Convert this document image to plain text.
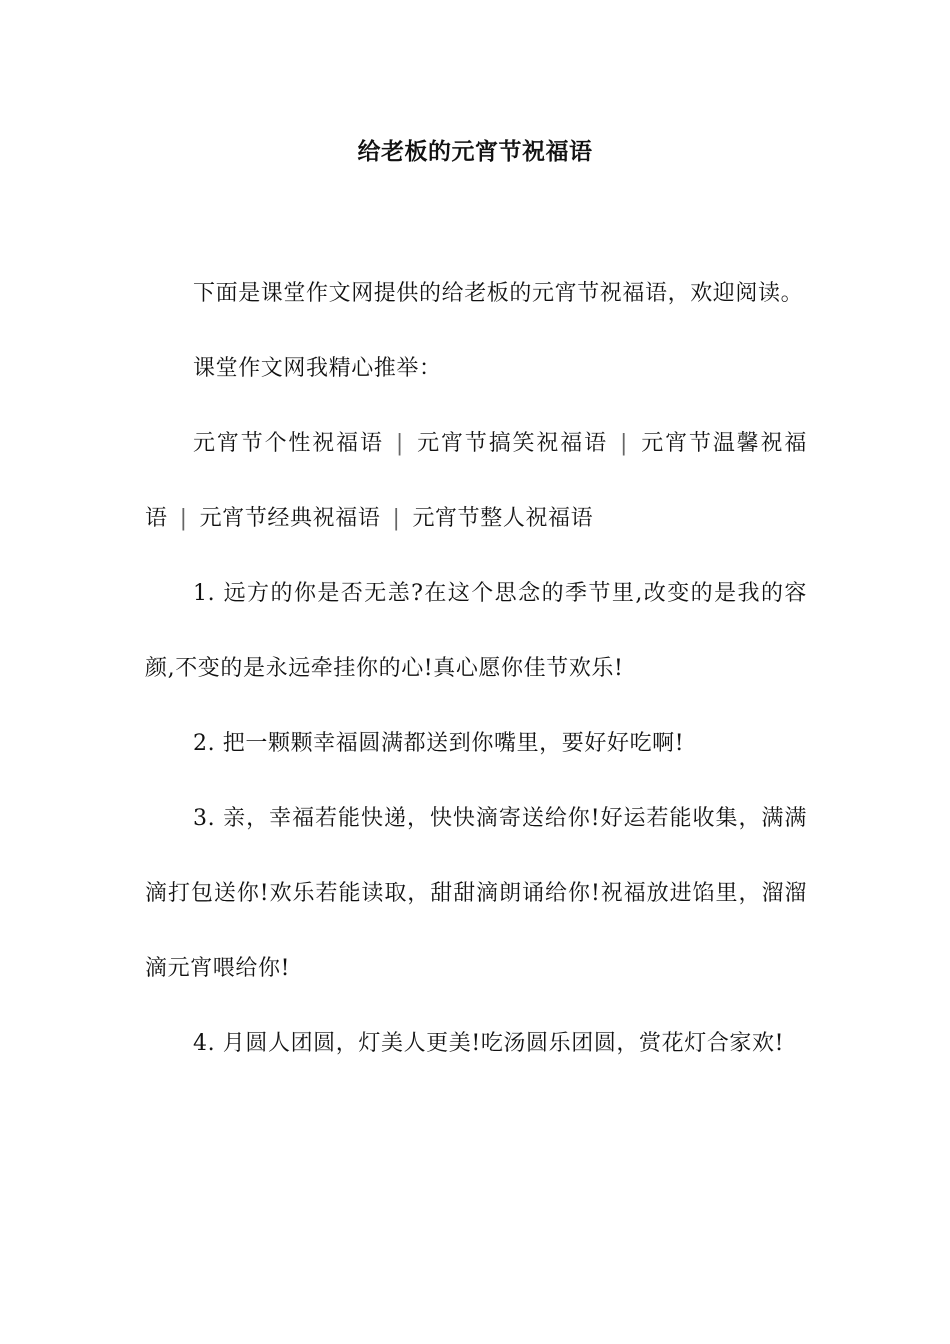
给老板的元宵节祝福语

下面是课堂作文网提供的给老板的元宵节祝福语，欢迎阅读。

课堂作文网我精心推举：

元宵节个性祝福语 | 元宵节搞笑祝福语 | 元宵节温馨祝福语 | 元宵节经典祝福语 | 元宵节整人祝福语

1. 远方的你是否无恙?在这个思念的季节里,改变的是我的容颜,不变的是永远牵挂你的心!真心愿你佳节欢乐!

2. 把一颗颗幸福圆满都送到你嘴里，要好好吃啊!

3. 亲，幸福若能快递，快快滴寄送给你!好运若能收集，满满滴打包送你!欢乐若能读取，甜甜滴朗诵给你!祝福放进馅里，溜溜滴元宵喂给你!

4. 月圆人团圆，灯美人更美!吃汤圆乐团圆，赏花灯合家欢!
